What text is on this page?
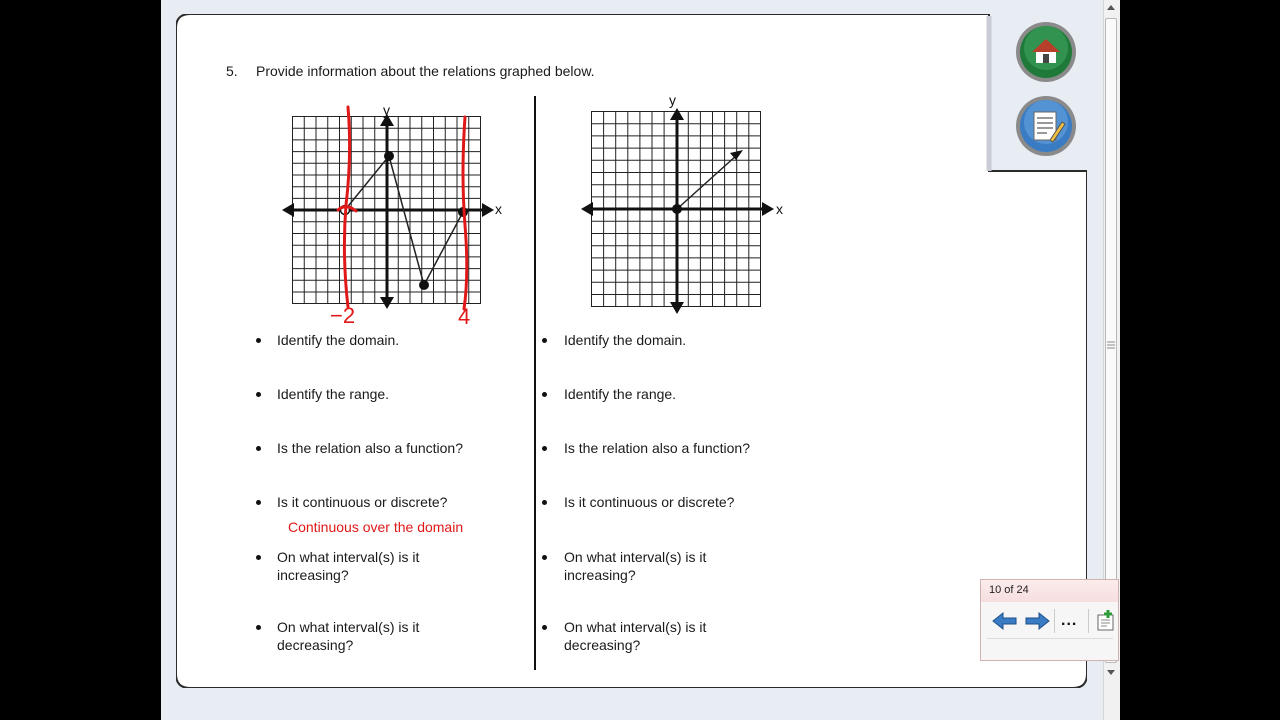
5. Provide information about the relations graphed below.
y
x
−2	4
y
x
Identify the domain.
Identify the range.
Is the relation also a function?
Is it continuous or discrete?
Continuous over the domain
On what interval(s) is it
increasing?
On what interval(s) is it
decreasing?
Identify the domain.
Identify the range.
Is the relation also a function?
Is it continuous or discrete?
On what interval(s) is it
increasing?
On what interval(s) is it
decreasing?
10 of 24
...
